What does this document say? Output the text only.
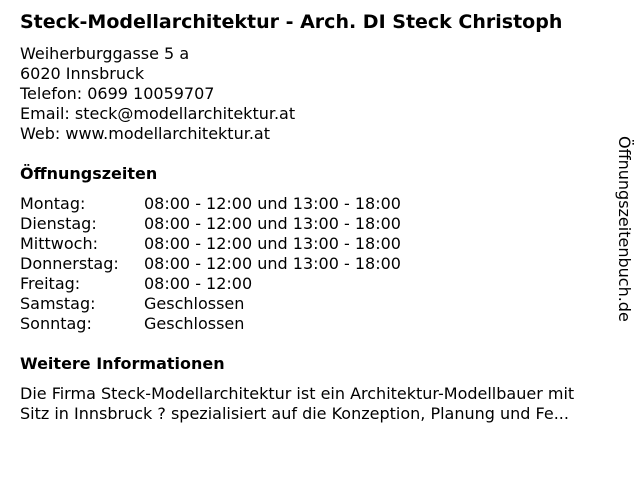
Steck-Modellarchitektur - Arch. DI Steck Christoph
Weiherburggasse 5 a
6020 Innsbruck
Telefon: 0699 10059707
Email: steck@modellarchitektur.at
Web: www.modellarchitektur.at
Öffnungszeiten
Montag:	08:00 - 12:00 und 13:00 - 18:00
Dienstag:	08:00 - 12:00 und 13:00 - 18:00
Mittwoch:	08:00 - 12:00 und 13:00 - 18:00
Donnerstag:	08:00 - 12:00 und 13:00 - 18:00
Freitag:	08:00 - 12:00
Samstag:	Geschlossen
Sonntag:	Geschlossen
Weitere Informationen
Die Firma Steck-Modellarchitektur ist ein Architektur-Modellbauer mit
Sitz in Innsbruck ? spezialisiert auf die Konzeption, Planung und Fe...
Öffnungszeitenbuch.de
